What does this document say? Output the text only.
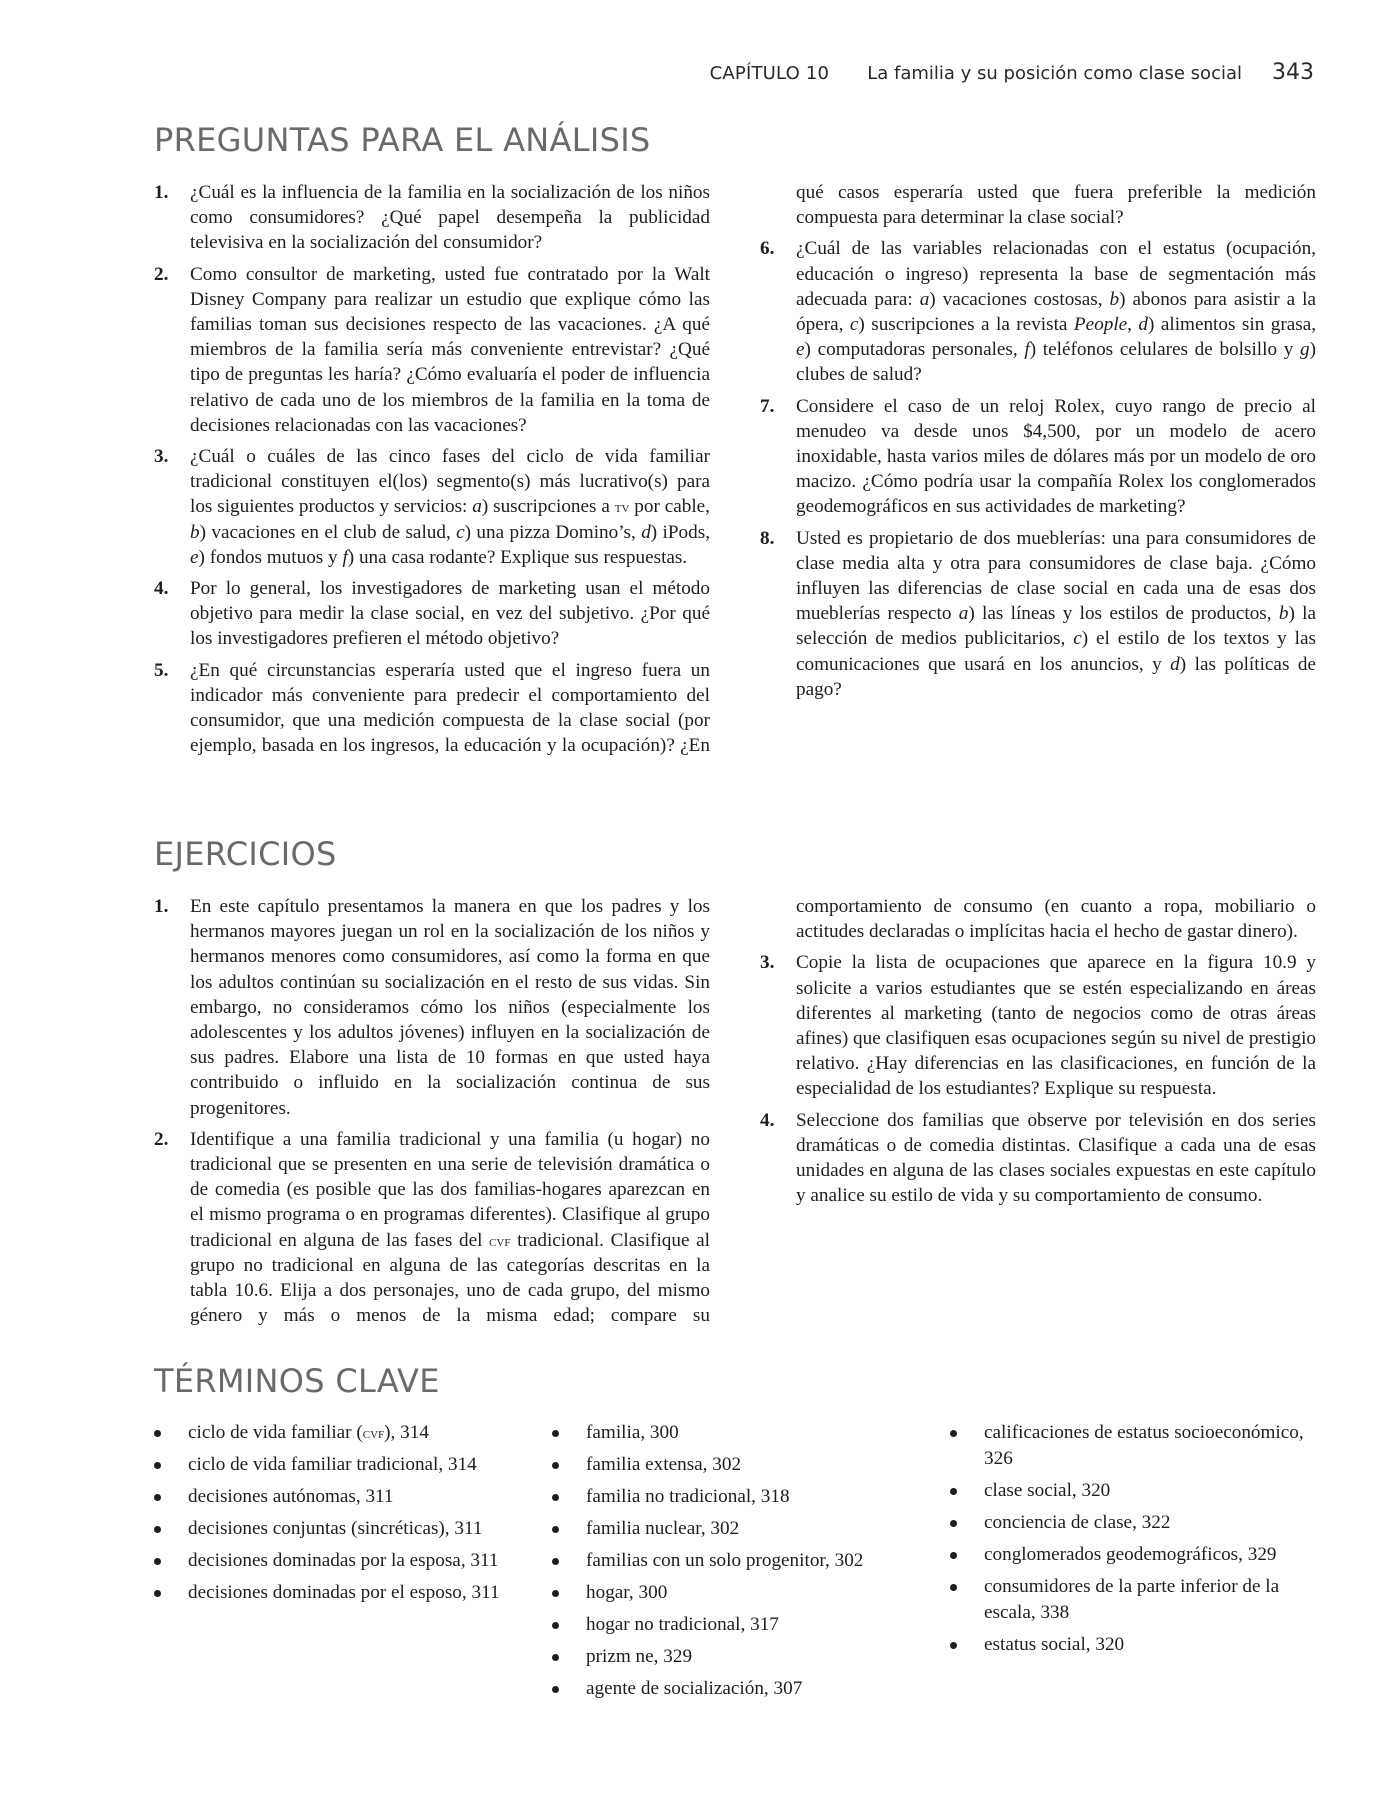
CAPÍTULO 10 La familia y su posición como clase social 343
PREGUNTAS PARA EL ANÁLISIS
1. ¿Cuál es la influencia de la familia en la socialización de los niños como consumidores? ¿Qué papel desempeña la publicidad televisiva en la socialización del consumidor?
2. Como consultor de marketing, usted fue contratado por la Walt Disney Company para realizar un estudio que explique cómo las familias toman sus decisiones respecto de las vacaciones. ¿A qué miembros de la familia sería más conveniente entrevistar? ¿Qué tipo de preguntas les haría? ¿Cómo evaluaría el poder de influencia relativo de cada uno de los miembros de la familia en la toma de decisiones relacionadas con las vacaciones?
3. ¿Cuál o cuáles de las cinco fases del ciclo de vida familiar tradicional constituyen el(los) segmento(s) más lucrativo(s) para los siguientes productos y servicios: a) suscripciones a tv por cable, b) vacaciones en el club de salud, c) una pizza Domino’s, d) iPods, e) fondos mutuos y f) una casa rodante? Explique sus respuestas.
4. Por lo general, los investigadores de marketing usan el método objetivo para medir la clase social, en vez del subjetivo. ¿Por qué los investigadores prefieren el método objetivo?
5. ¿En qué circunstancias esperaría usted que el ingreso fuera un indicador más conveniente para predecir el comportamiento del consumidor, que una medición compuesta de la clase social (por ejemplo, basada en los ingresos, la educación y la ocupación)? ¿En qué casos esperaría usted que fuera preferible la medición compuesta para determinar la clase social?
6. ¿Cuál de las variables relacionadas con el estatus (ocupación, educación o ingreso) representa la base de segmentación más adecuada para: a) vacaciones costosas, b) abonos para asistir a la ópera, c) suscripciones a la revista People, d) alimentos sin grasa, e) computadoras personales, f) teléfonos celulares de bolsillo y g) clubes de salud?
7. Considere el caso de un reloj Rolex, cuyo rango de precio al menudeo va desde unos $4,500, por un modelo de acero inoxidable, hasta varios miles de dólares más por un modelo de oro macizo. ¿Cómo podría usar la compañía Rolex los conglomerados geodemográficos en sus actividades de marketing?
8. Usted es propietario de dos mueblerías: una para consumidores de clase media alta y otra para consumidores de clase baja. ¿Cómo influyen las diferencias de clase social en cada una de esas dos mueblerías respecto a) las líneas y los estilos de productos, b) la selección de medios publicitarios, c) el estilo de los textos y las comunicaciones que usará en los anuncios, y d) las políticas de pago?
EJERCICIOS
1. En este capítulo presentamos la manera en que los padres y los hermanos mayores juegan un rol en la socialización de los niños y hermanos menores como consumidores, así como la forma en que los adultos continúan su socialización en el resto de sus vidas. Sin embargo, no consideramos cómo los niños (especialmente los adolescentes y los adultos jóvenes) influyen en la socialización de sus padres. Elabore una lista de 10 formas en que usted haya contribuido o influido en la socialización continua de sus progenitores.
2. Identifique a una familia tradicional y una familia (u hogar) no tradicional que se presenten en una serie de televisión dramática o de comedia (es posible que las dos familias-hogares aparezcan en el mismo programa o en programas diferentes). Clasifique al grupo tradicional en alguna de las fases del cvf tradicional. Clasifique al grupo no tradicional en alguna de las categorías descritas en la tabla 10.6. Elija a dos personajes, uno de cada grupo, del mismo género y más o menos de la misma edad; compare su comportamiento de consumo (en cuanto a ropa, mobiliario o actitudes declaradas o implícitas hacia el hecho de gastar dinero).
3. Copie la lista de ocupaciones que aparece en la figura 10.9 y solicite a varios estudiantes que se estén especializando en áreas diferentes al marketing (tanto de negocios como de otras áreas afines) que clasifiquen esas ocupaciones según su nivel de prestigio relativo. ¿Hay diferencias en las clasificaciones, en función de la especialidad de los estudiantes? Explique su respuesta.
4. Seleccione dos familias que observe por televisión en dos series dramáticas o de comedia distintas. Clasifique a cada una de esas unidades en alguna de las clases sociales expuestas en este capítulo y analice su estilo de vida y su comportamiento de consumo.
TÉRMINOS CLAVE
ciclo de vida familiar (cvf), 314
ciclo de vida familiar tradicional, 314
decisiones autónomas, 311
decisiones conjuntas (sincréticas), 311
decisiones dominadas por la esposa, 311
decisiones dominadas por el esposo, 311
familia, 300
familia extensa, 302
familia no tradicional, 318
familia nuclear, 302
familias con un solo progenitor, 302
hogar, 300
hogar no tradicional, 317
prizm ne, 329
agente de socialización, 307
calificaciones de estatus socioeconómico, 326
clase social, 320
conciencia de clase, 322
conglomerados geodemográficos, 329
consumidores de la parte inferior de la escala, 338
estatus social, 320
